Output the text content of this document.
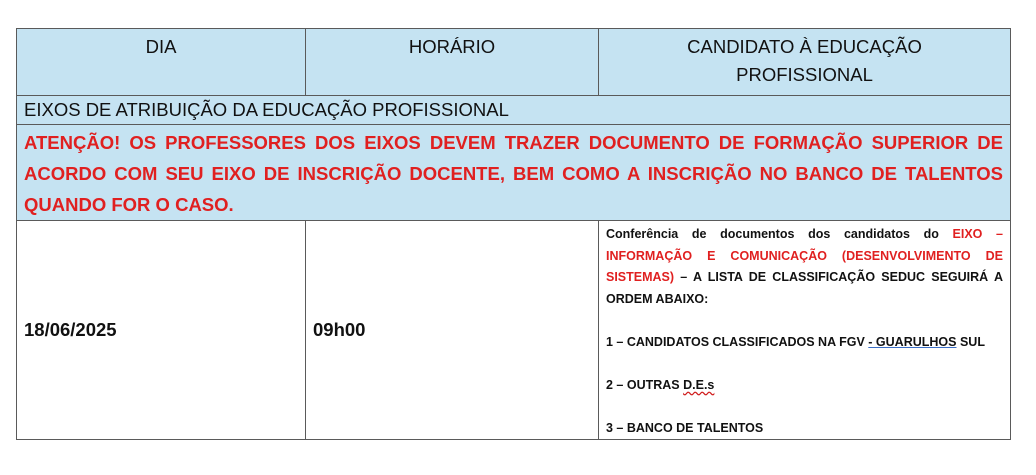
DIA	HORÁRIO	CANDIDATO À EDUCAÇÃO PROFISSIONAL
EIXOS DE ATRIBUIÇÃO DA EDUCAÇÃO PROFISSIONAL		
ATENÇÃO! OS PROFESSORES DOS EIXOS DEVEM TRAZER DOCUMENTO DE FORMAÇÃO SUPERIOR DE ACORDO COM SEU EIXO DE INSCRIÇÃO DOCENTE, BEM COMO A INSCRIÇÃO NO BANCO DE TALENTOS QUANDO FOR O CASO.		
18/06/2025	09h00	Conferência de documentos dos candidatos do EIXO – INFORMAÇÃO E COMUNICAÇÃO (DESENVOLVIMENTO DE SISTEMAS) – A LISTA DE CLASSIFICAÇÃO SEDUC SEGUIRÁ A ORDEM ABAIXO:

1 – CANDIDATOS CLASSIFICADOS NA FGV - GUARULHOS SUL

2 – OUTRAS D.E.s

3 – BANCO DE TALENTOS
